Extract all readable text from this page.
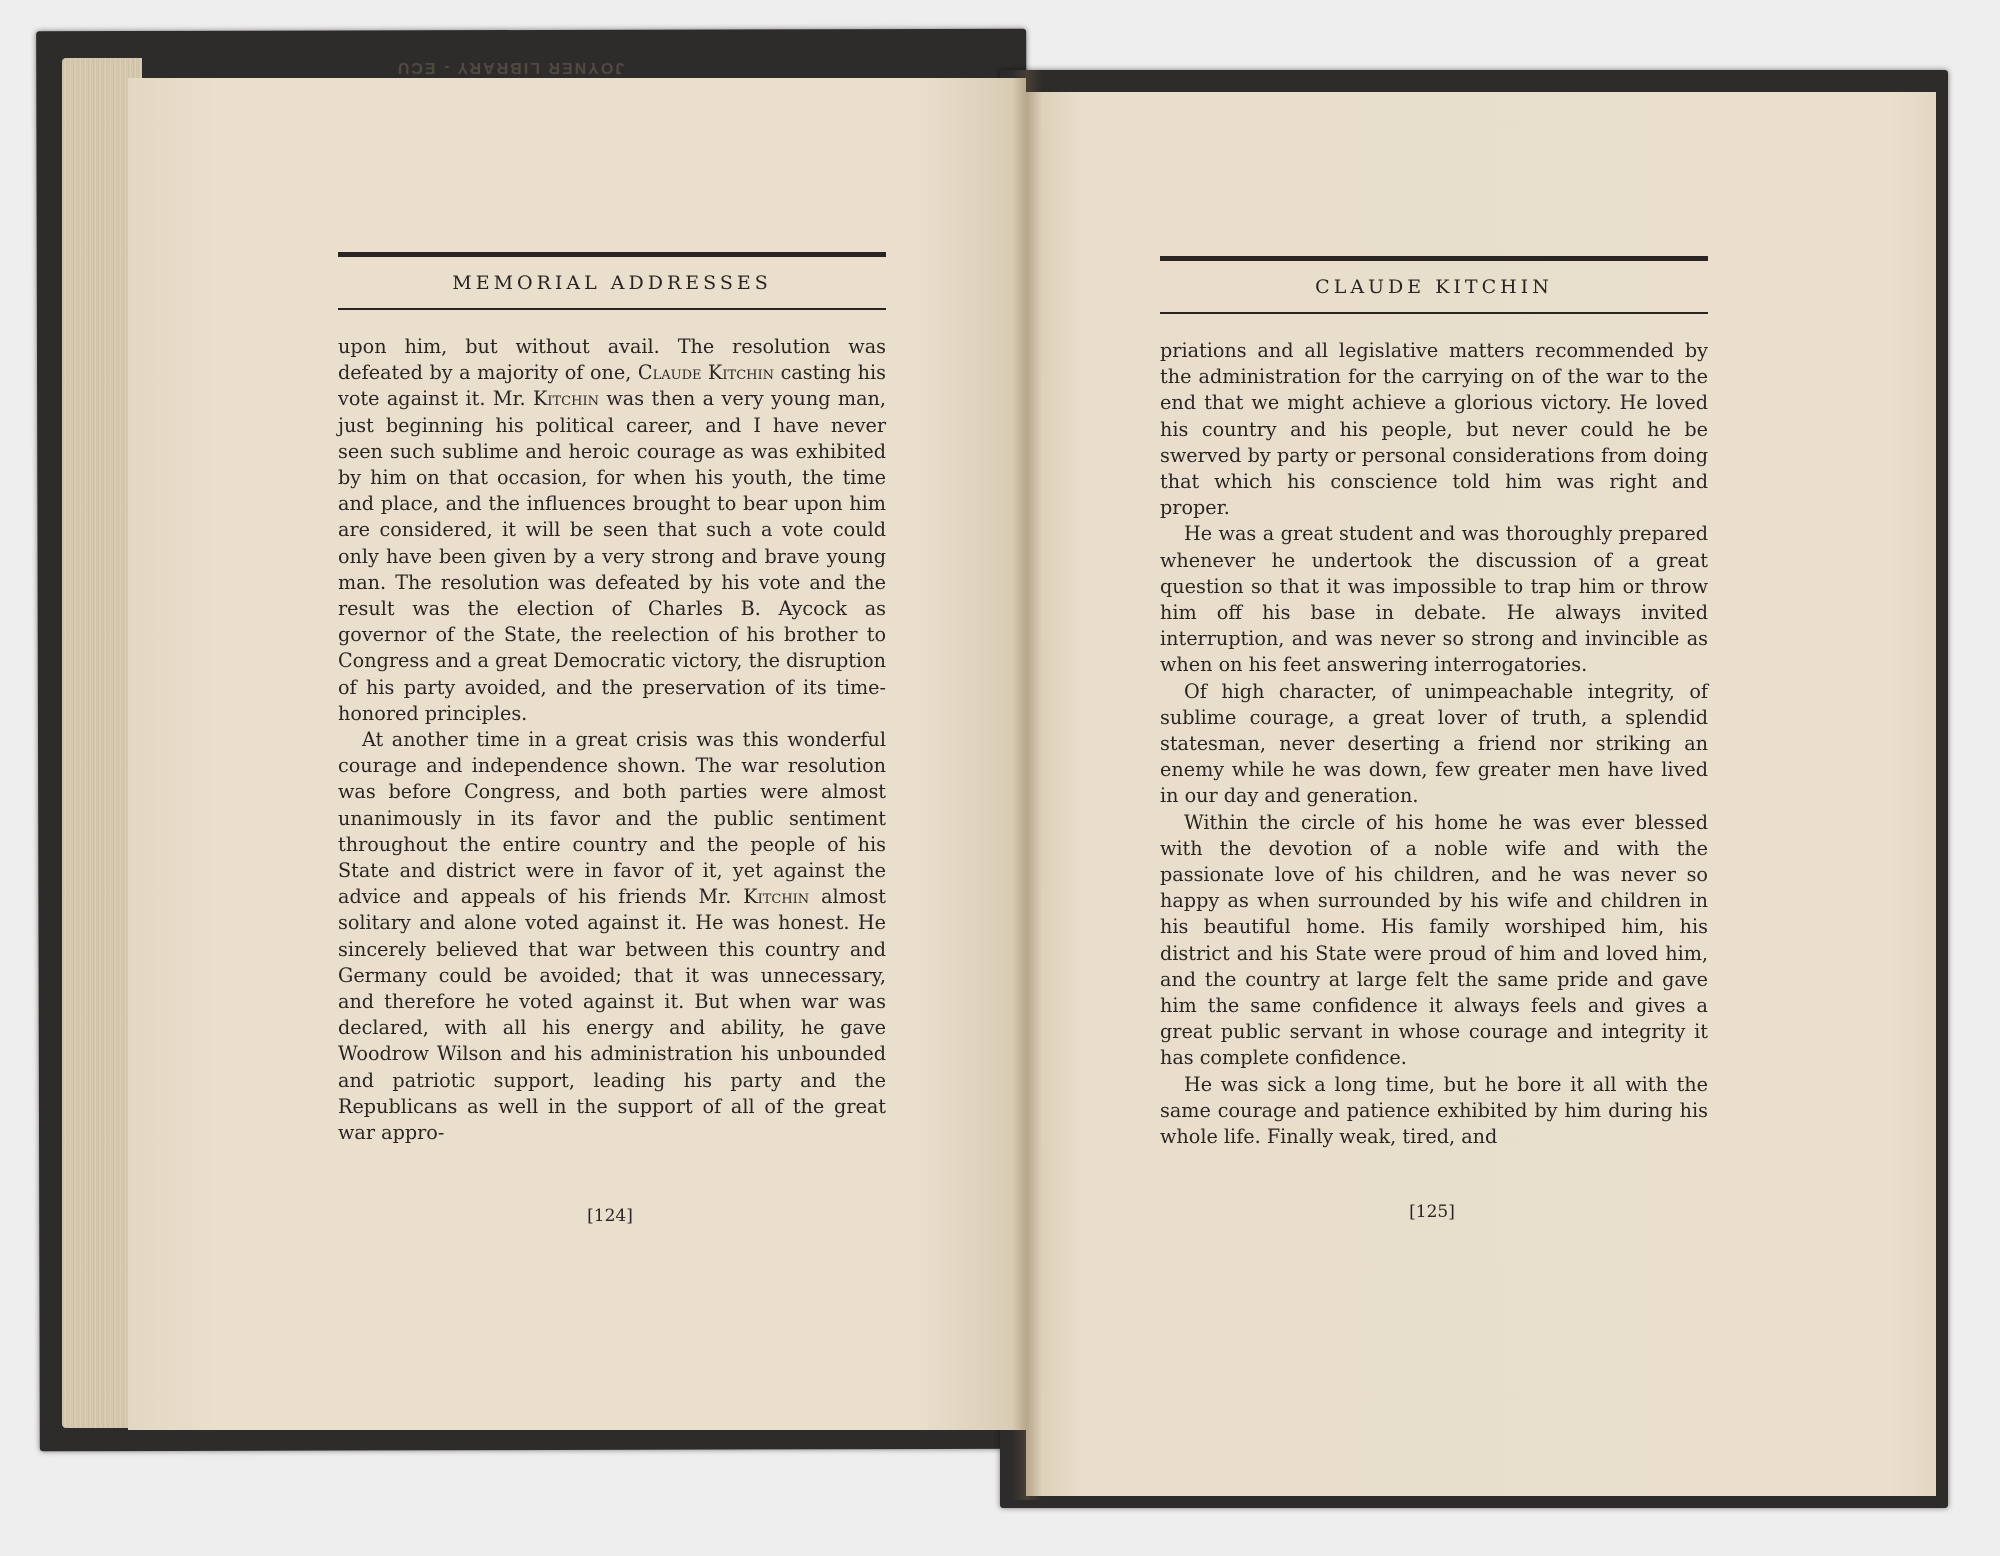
JOYNER LIBRARY - ECU
MEMORIAL ADDRESSES

upon him, but without avail. The resolution was defeated by a majority of one, Claude Kitchin casting his vote against it. Mr. Kitchin was then a very young man, just beginning his political career, and I have never seen such sublime and heroic courage as was exhibited by him on that occasion, for when his youth, the time and place, and the influences brought to bear upon him are considered, it will be seen that such a vote could only have been given by a very strong and brave young man. The resolution was defeated by his vote and the result was the election of Charles B. Aycock as governor of the State, the reelection of his brother to Congress and a great Democratic victory, the disruption of his party avoided, and the preservation of its time-honored principles.

At another time in a great crisis was this wonderful courage and independence shown. The war resolution was before Congress, and both parties were almost unanimously in its favor and the public sentiment throughout the entire country and the people of his State and district were in favor of it, yet against the advice and appeals of his friends Mr. Kitchin almost solitary and alone voted against it. He was honest. He sincerely believed that war between this country and Germany could be avoided; that it was unnecessary, and therefore he voted against it. But when war was declared, with all his energy and ability, he gave Woodrow Wilson and his administration his unbounded and patriotic support, leading his party and the Republicans as well in the support of all of the great war appro-

[124]
CLAUDE KITCHIN

priations and all legislative matters recommended by the administration for the carrying on of the war to the end that we might achieve a glorious victory. He loved his country and his people, but never could he be swerved by party or personal considerations from doing that which his conscience told him was right and proper.

He was a great student and was thoroughly prepared whenever he undertook the discussion of a great question so that it was impossible to trap him or throw him off his base in debate. He always invited interruption, and was never so strong and invincible as when on his feet answering interrogatories.

Of high character, of unimpeachable integrity, of sublime courage, a great lover of truth, a splendid statesman, never deserting a friend nor striking an enemy while he was down, few greater men have lived in our day and generation.

Within the circle of his home he was ever blessed with the devotion of a noble wife and with the passionate love of his children, and he was never so happy as when surrounded by his wife and children in his beautiful home. His family worshiped him, his district and his State were proud of him and loved him, and the country at large felt the same pride and gave him the same confidence it always feels and gives a great public servant in whose courage and integrity it has complete confidence.

He was sick a long time, but he bore it all with the same courage and patience exhibited by him during his whole life. Finally weak, tired, and

[125]
